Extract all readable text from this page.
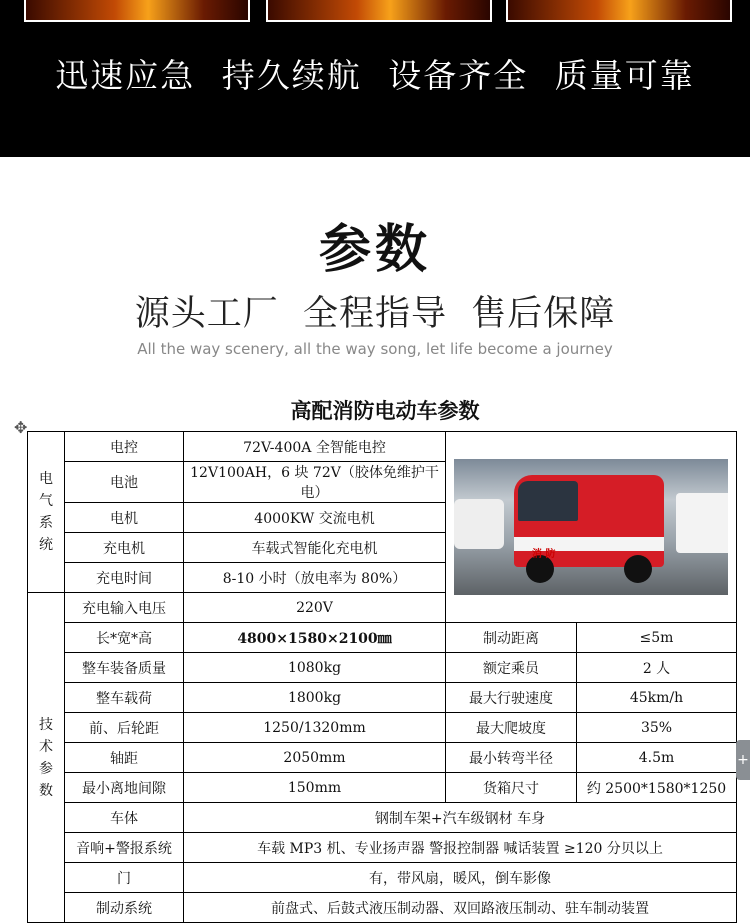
迅速应急 持久续航 设备齐全 质量可靠
参数
源头工厂  全程指导  售后保障
All the way scenery, all the way song, let life become a journey
高配消防电动车参数
✥
电
气
系
统	电控	72V-400A 全智能电控	消 防	

	电池	12V100AH，6 块 72V（胶体免维护干电）		
	电机	4000KW 交流电机		
	充电机	车载式智能化充电机		
	充电时间	8-10 小时（放电率为 80%）		
技
术
参
数	充电输入电压	220V		
	长*宽*高	4800×1580×2100㎜	制动距离	≤5m
	整车装备质量	1080kg	额定乘员	2 人
	整车载荷	1800kg	最大行驶速度	45km/h
	前、后轮距	1250/1320mm	最大爬坡度	35%
	轴距	2050mm	最小转弯半径	4.5m
	最小离地间隙	150mm	货箱尺寸	约 2500*1580*1250
	车体	钢制车架+汽车级钢材 车身		
	音响+警报系统	车载 MP3 机、专业扬声器 警报控制器 喊话装置 ≥120 分贝以上		
	门	有，带风扇，暖风，倒车影像		
	制动系统	前盘式、后鼓式液压制动器、双回路液压制动、驻车制动装置		
+
